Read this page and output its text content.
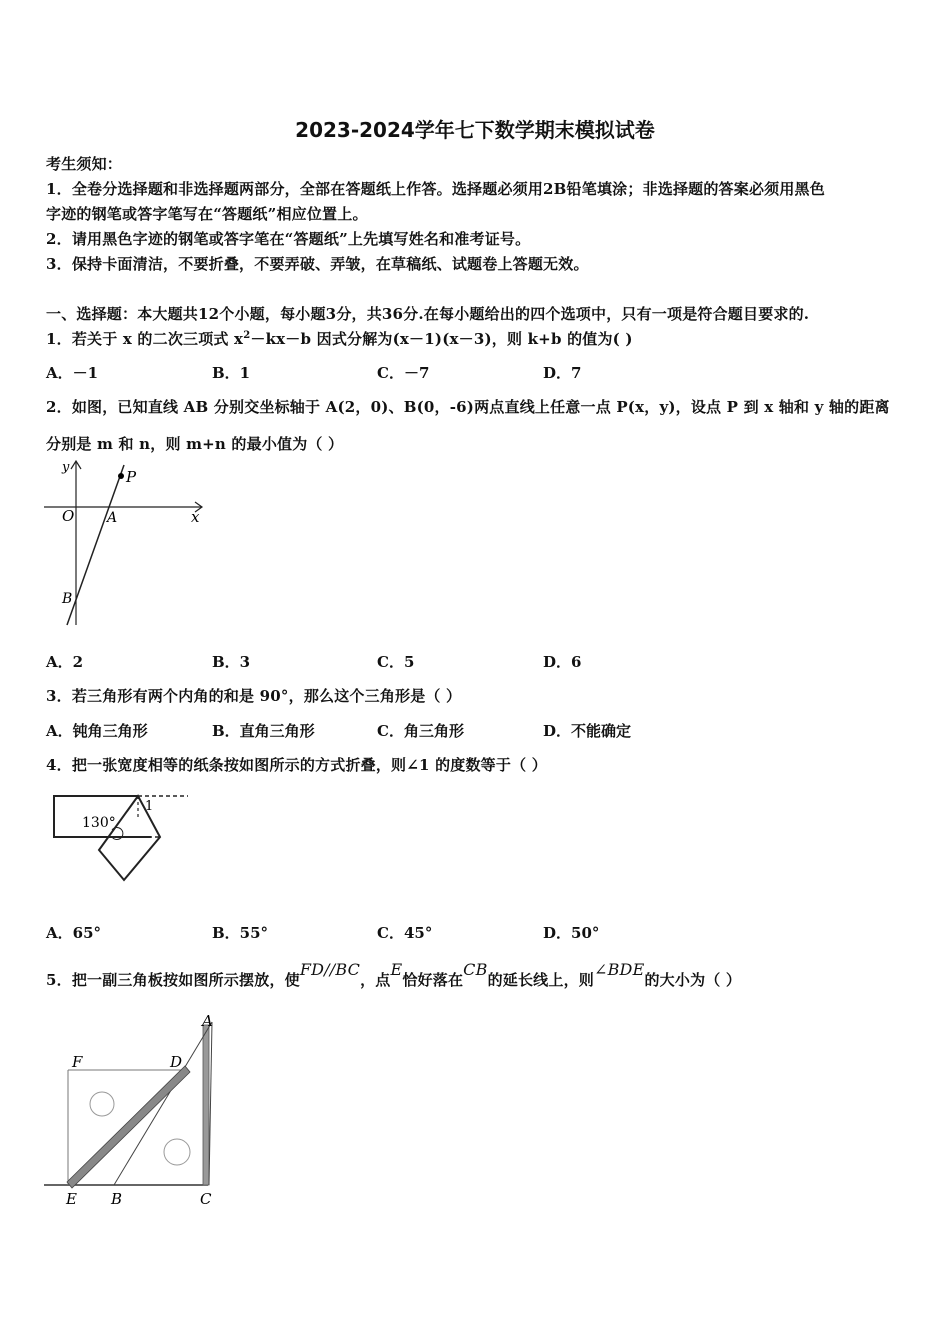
2023-2024学年七下数学期末模拟试卷
考生须知：
1．全卷分选择题和非选择题两部分，全部在答题纸上作答。选择题必须用2B铅笔填涂；非选择题的答案必须用黑色
字迹的钢笔或答字笔写在“答题纸”相应位置上。
2．请用黑色字迹的钢笔或答字笔在“答题纸”上先填写姓名和准考证号。
3．保持卡面清洁，不要折叠，不要弄破、弄皱，在草稿纸、试题卷上答题无效。
一、选择题：本大题共12个小题，每小题3分，共36分.在每小题给出的四个选项中，只有一项是符合题目要求的.
1．若关于 x 的二次三项式 $x^2-kx-b$ 因式分解为(x－1)(x－3)，则 k+b 的值为( )
A．－1	B．1	C．－7	D．7
2．如图，已知直线 AB 分别交坐标轴于 A(2，0)、B(0，-6)两点直线上任意一点 P(x，y)，设点 P 到 x 轴和 y 轴的距离
分别是 m 和 n，则 m+n 的最小值为（ ）
y
P
O A	x
B
A．2	B．3	C．5	D．6
3．若三角形有两个内角的和是 90°，那么这个三角形是（ ）
A．钝角三角形	B．直角三角形	C．角三角形	D．不能确定
4．把一张宽度相等的纸条按如图所示的方式折叠，则∠1 的度数等于（ ）
130°
1
A．65°	B．55°	C．45°	D．50°
5．把一副三角板按如图所示摆放，使FD//BC，点E恰好落在CB的延长线上，则∠BDE的大小为（ ）
F	D
A
E B	C
